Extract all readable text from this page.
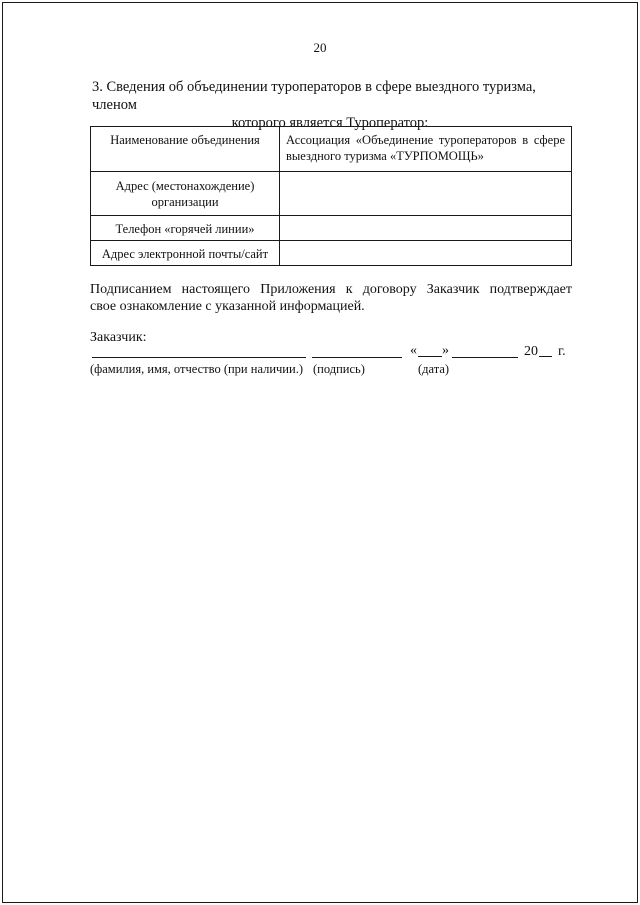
20
3. Сведения об объединении туроператоров в сфере выездного туризма, членом
которого является Туроператор:
Наименование объединения	Ассоциация «Объединение туроператоров в сфере выездного туризма «ТУРПОМОЩЬ»
Адрес (местонахождение) организации	
Телефон «горячей линии»	
Адрес электронной почты/сайт	
Подписанием настоящего Приложения к договору Заказчик подтверждает
свое ознакомление с указанной информацией.
Заказчик:
« »	20 г.
(фамилия, имя, отчество (при наличии.) (подпись)	(дата)
